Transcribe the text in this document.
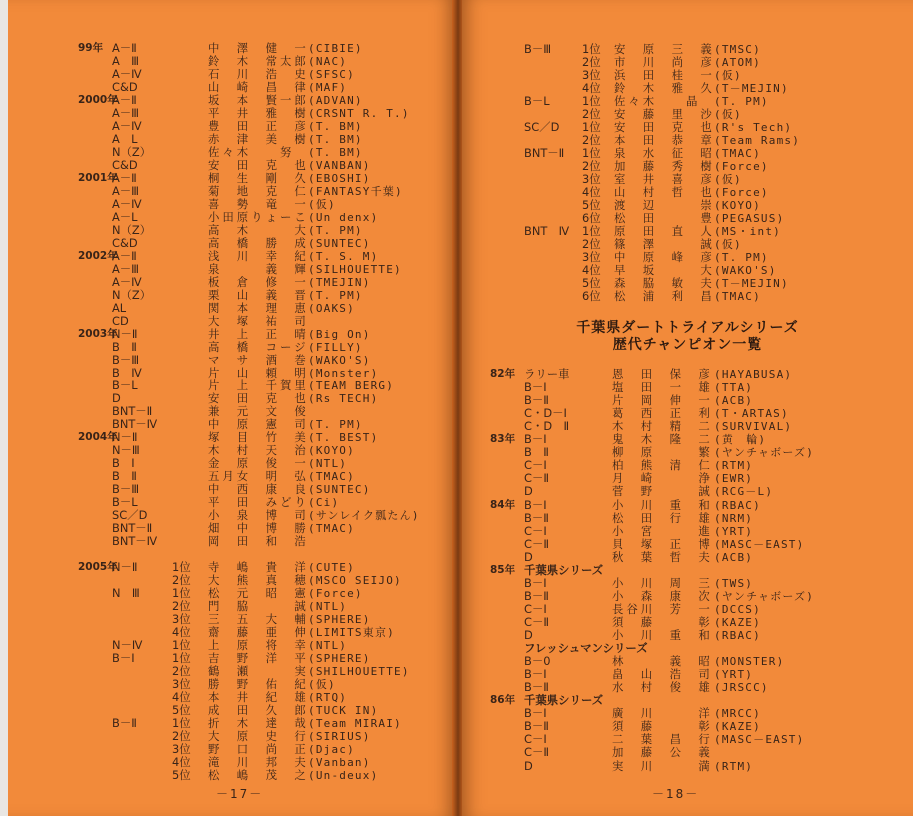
99年 A－Ⅱ	中　澤　健　一 (CIBIE)
A　Ⅲ	鈴　木　常太郎 (NAC)
A－Ⅳ	石　川　浩　史 (SFSC)
C&D	山　崎　昌　律 (MAF)
2000年
A－Ⅱ	坂　本　賢一郎 (ADVAN)
A－Ⅲ	平　井　雅　樹 (CRSNT R. T.)
A－Ⅳ	豊　田　正　彦 (T. BM)
A　L	赤　津　美　樹 (T. BM)
N（Z）	佐々木　　努 (T. BM)
C&D	安　田　克　也 (VANBAN)
2001年
A－Ⅱ	桐　生　剛　久 (EBOSHI)
A－Ⅲ	菊　地　克　仁 (FANTASY千葉)
A－Ⅳ	喜　勢　竜　一 (仮)
A－L	小田原りょーこ (Un denx)
N（Z）	高　木　　　大 (T. PM)
C&D	高　橋　勝　成 (SUNTEC)
2002年
A－Ⅱ	浅　川　幸　紀 (T. S. M)
A－Ⅲ	泉　　　義　輝 (SILHOUETTE)
A－Ⅳ	板　倉　修　一 (TMEJIN)
N（Z）	栗　山　義　晋 (T. PM)
AL	関　本　理　恵 (OAKS)
CD	大　塚　祐　司
2003年
N－Ⅱ	井　上　正　晴 (Big On)
B　Ⅱ	高　橋　コージ (FILLY)
B－Ⅲ	マ　サ　酒　巻 (WAKO'S)
B　Ⅳ	片　山　頼　明 (Monster)
B－L	片　上　千賀里 (TEAM BERG)
D	安　田　克　也 (Rs TECH)
BNT－Ⅱ	兼　元　文　俊
BNT－Ⅳ	中　原　憲　司 (T. PM)
2004年
N－Ⅱ	塚　目　竹　美 (T. BEST)
N－Ⅲ	木　村　天　治 (KOYO)
B　Ⅰ	金　原　俊　一 (NTL)
B　Ⅱ	五月女　明　弘 (TMAC)
B－Ⅲ	中　西　康　良 (SUNTEC)
B－L	平　田　みどり (Ci)
SC／D	小　泉　博　司 (サンレイク瓢たん)
BNT－Ⅱ	畑　中　博　勝 (TMAC)
BNT－Ⅳ	岡　田　和　浩
2005年
N－Ⅱ	1位 寺　嶋　貴　洋 (CUTE)
2位 大　熊　真　穂 (MSCO SEIJO)
N　Ⅲ	1位 松　元　昭　憲 (Force)
2位 門　脇　　　誠 (NTL)
3位 三　五　大　輔 (SPHERE)
4位 齋　藤　亜　伸 (LIMITS東京)
N－Ⅳ	1位 上　原　将　幸 (NTL)
B－Ⅰ	1位 吉　野　洋　平 (SPHERE)
2位 鶴　瀬　　　実 (SHILHOUETTE)
3位 勝　野　佑　紀 (仮)
4位 本　井　紀　雄 (RTQ)
5位 成　田　久　郎 (TUCK IN)
B－Ⅱ	1位 折　木　達　哉 (Team MIRAI)
2位 大　原　史　行 (SIRIUS)
3位 野　口　尚　正 (Djac)
4位 滝　川　邦　夫 (Vanban)
5位 松　嶋　茂　之 (Un-deux)
－17－
B－Ⅲ	1位 安　原　三　義 (TMSC)
2位 市　川　尚　彦 (ATOM)
3位 浜　田　桂　一 (仮)
4位 鈴　木　雅　久 (T－MEJIN)
B－L	1位 佐々木　　晶 (T. PM)
2位 安　藤　里　沙 (仮)
SC／D 1位 安　田　克　也 (R's Tech)
2位 本　田　恭　章 (Team Rams)
BNT－Ⅱ 1位 泉　水　征　昭 (TMAC)
2位 加　藤　秀　樹 (Force)
3位 室　井　喜　彦 (仮)
4位 山　村　哲　也 (Force)
5位 渡　辺　　　崇 (KOYO)
6位 松　田　　　豊 (PEGASUS)
BNT　Ⅳ 1位 原　田　直　人 (MS・int)
2位 篠　澤　　　誠 (仮)
3位 中　原　峰　彦 (T. PM)
4位 早　坂　　　大 (WAKO'S)
5位 森　脇　敏　夫 (T－MEJIN)
6位 松　浦　利　昌 (TMAC)
千葉県ダートトライアルシリーズ
歴代チャンピオン一覧
82年 ラリー車	恩　田　保　彦 (HAYABUSA)
B－Ⅰ	塩　田　一　雄 (TTA)
B－Ⅱ	片　岡　伸　一 (ACB)
C・D－Ⅰ	葛　西　正　利 (T・ARTAS)
C・D　Ⅱ	木　村　精　二 (SURVIVAL)
83年 B－Ⅰ	鬼　木　隆　二 (黄　輪)
B　Ⅱ	柳　原　　　繁 (ヤンチャボーズ)
C－Ⅰ	柏　熊　清　仁 (RTM)
C－Ⅱ	月　崎　　　浄 (EWR)
D	菅　野　　　誠 (RCG－L)
84年 B－Ⅰ	小　川　重　和 (RBAC)
B－Ⅱ	松　田　行　雄 (NRM)
C－Ⅰ	小　宮　　　進 (YRT)
C－Ⅱ	貝　塚　正　博 (MASC－EAST)
D	秋　葉　哲　夫 (ACB)
85年 千葉県シリーズ
B－Ⅰ	小　川　周　三 (TWS)
B－Ⅱ	小　森　康　次 (ヤンチャボーズ)
C－Ⅰ	長谷川　芳　一 (DCCS)
C－Ⅱ	須　藤　　　彰 (KAZE)
D	小　川　重　和 (RBAC)
フレッシュマンシリーズ
B－0	林　　　義　昭 (MONSTER)
B－Ⅰ	畠　山　浩　司 (YRT)
B－Ⅱ	水　村　俊　雄 (JRSCC)
86年 千葉県シリーズ
B－Ⅰ	廣　川　　　洋 (MRCC)
B－Ⅱ	須　藤　　　彰 (KAZE)
C－Ⅰ	二　葉　昌　行 (MASC－EAST)
C－Ⅱ	加　藤　公　義
D	実　川　　　満 (RTM)
－18－
